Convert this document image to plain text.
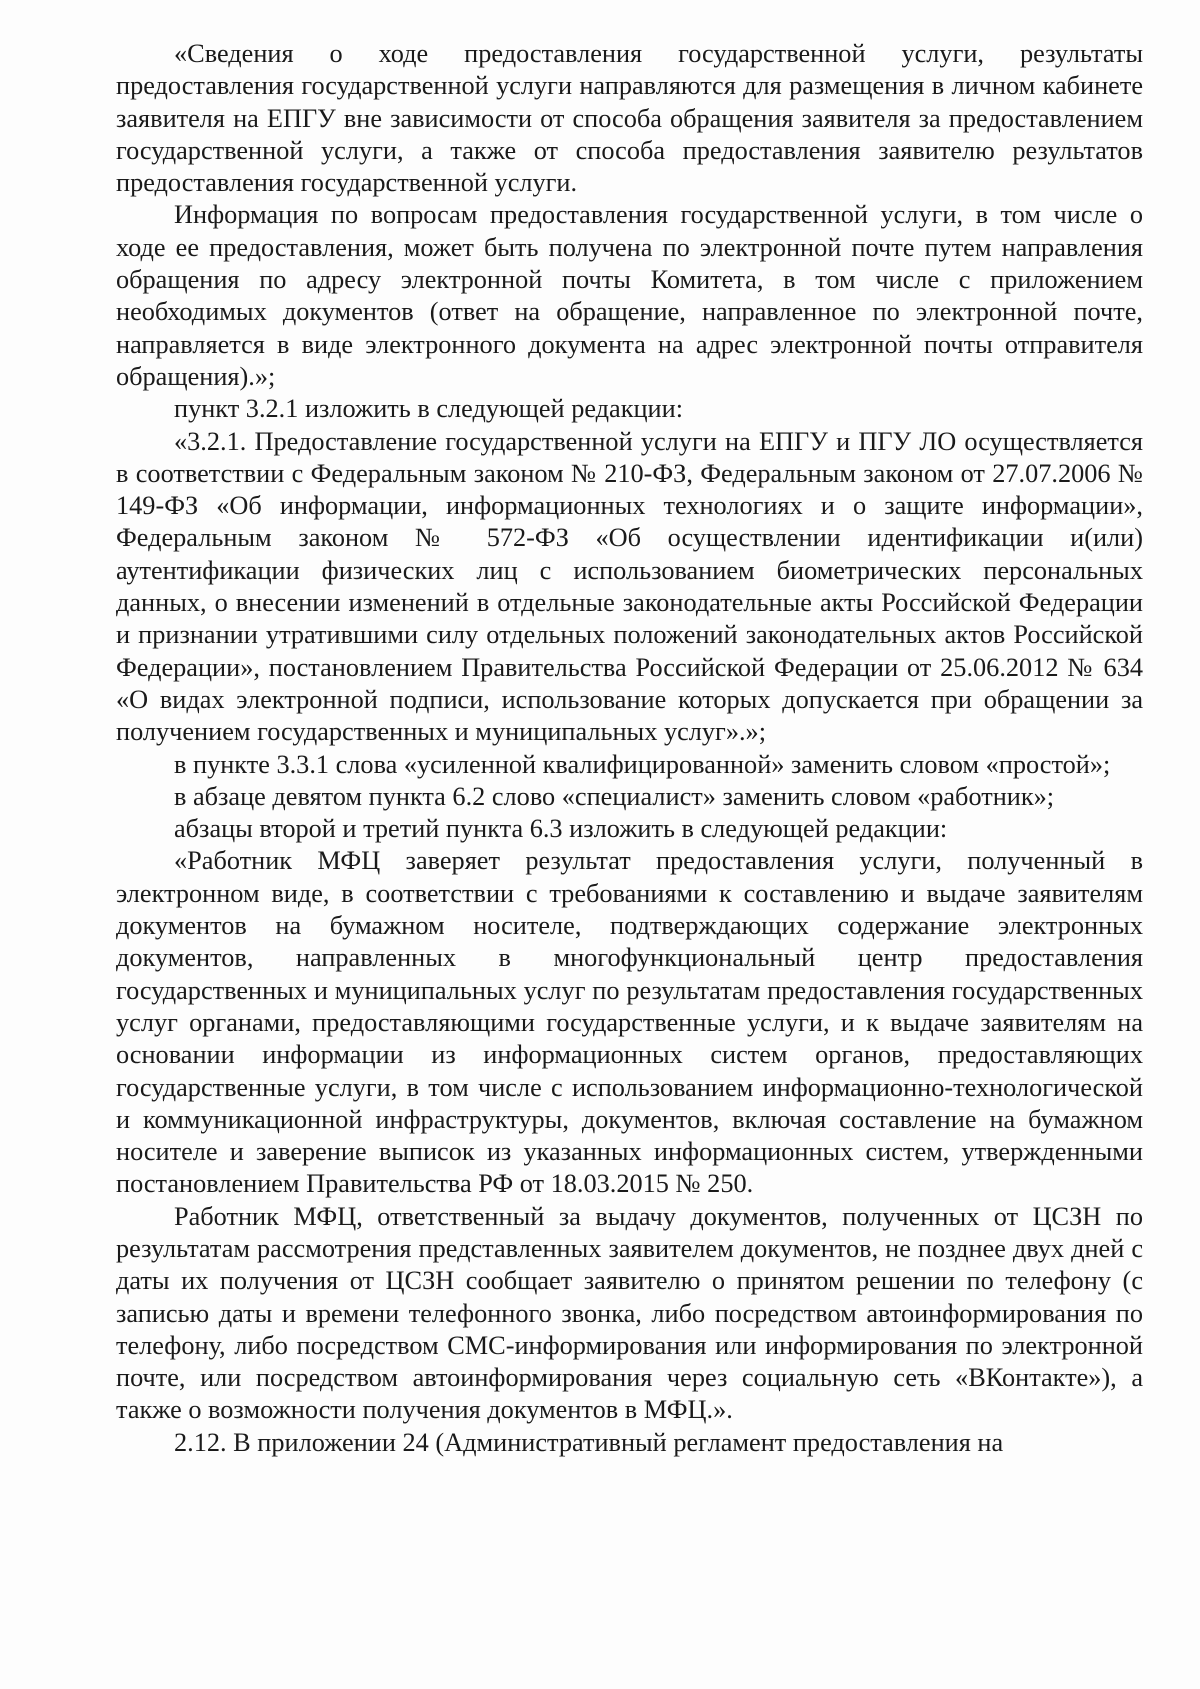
«Сведения о ходе предоставления государственной услуги, результаты предоставления государственной услуги направляются для размещения в личном кабинете заявителя на ЕПГУ вне зависимости от способа обращения заявителя за предоставлением государственной услуги, а также от способа предоставления заявителю результатов предоставления государственной услуги.

Информация по вопросам предоставления государственной услуги, в том числе о ходе ее предоставления, может быть получена по электронной почте путем направления обращения по адресу электронной почты Комитета, в том числе с приложением необходимых документов (ответ на обращение, направленное по электронной почте, направляется в виде электронного документа на адрес электронной почты отправителя обращения).»;

пункт 3.2.1 изложить в следующей редакции:

«3.2.1. Предоставление государственной услуги на ЕПГУ и ПГУ ЛО осуществляется в соответствии с Федеральным законом № 210-ФЗ, Федеральным законом от 27.07.2006 № 149-ФЗ «Об информации, информационных технологиях и о защите информации», Федеральным законом № 572-ФЗ «Об осуществлении идентификации и(или) аутентификации физических лиц с использованием биометрических персональных данных, о внесении изменений в отдельные законодательные акты Российской Федерации и признании утратившими силу отдельных положений законодательных актов Российской Федерации», постановлением Правительства Российской Федерации от 25.06.2012 № 634 «О видах электронной подписи, использование которых допускается при обращении за получением государственных и муниципальных услуг».»;

в пункте 3.3.1 слова «усиленной квалифицированной» заменить словом «простой»;

в абзаце девятом пункта 6.2 слово «специалист» заменить словом «работник»;

абзацы второй и третий пункта 6.3 изложить в следующей редакции:

«Работник МФЦ заверяет результат предоставления услуги, полученный в электронном виде, в соответствии с требованиями к составлению и выдаче заявителям документов на бумажном носителе, подтверждающих содержание электронных документов, направленных в многофункциональный центр предоставления государственных и муниципальных услуг по результатам предоставления государственных услуг органами, предоставляющими государственные услуги, и к выдаче заявителям на основании информации из информационных систем органов, предоставляющих государственные услуги, в том числе с использованием информационно-технологической и коммуникационной инфраструктуры, документов, включая составление на бумажном носителе и заверение выписок из указанных информационных систем, утвержденными постановлением Правительства РФ от 18.03.2015 № 250.

Работник МФЦ, ответственный за выдачу документов, полученных от ЦСЗН по результатам рассмотрения представленных заявителем документов, не позднее двух дней с даты их получения от ЦСЗН сообщает заявителю о принятом решении по телефону (с записью даты и времени телефонного звонка, либо посредством автоинформирования по телефону, либо посредством СМС-информирования или информирования по электронной почте, или посредством автоинформирования через социальную сеть «ВКонтакте»), а также о возможности получения документов в МФЦ.».

2.12. В приложении 24 (Административный регламент предоставления на
